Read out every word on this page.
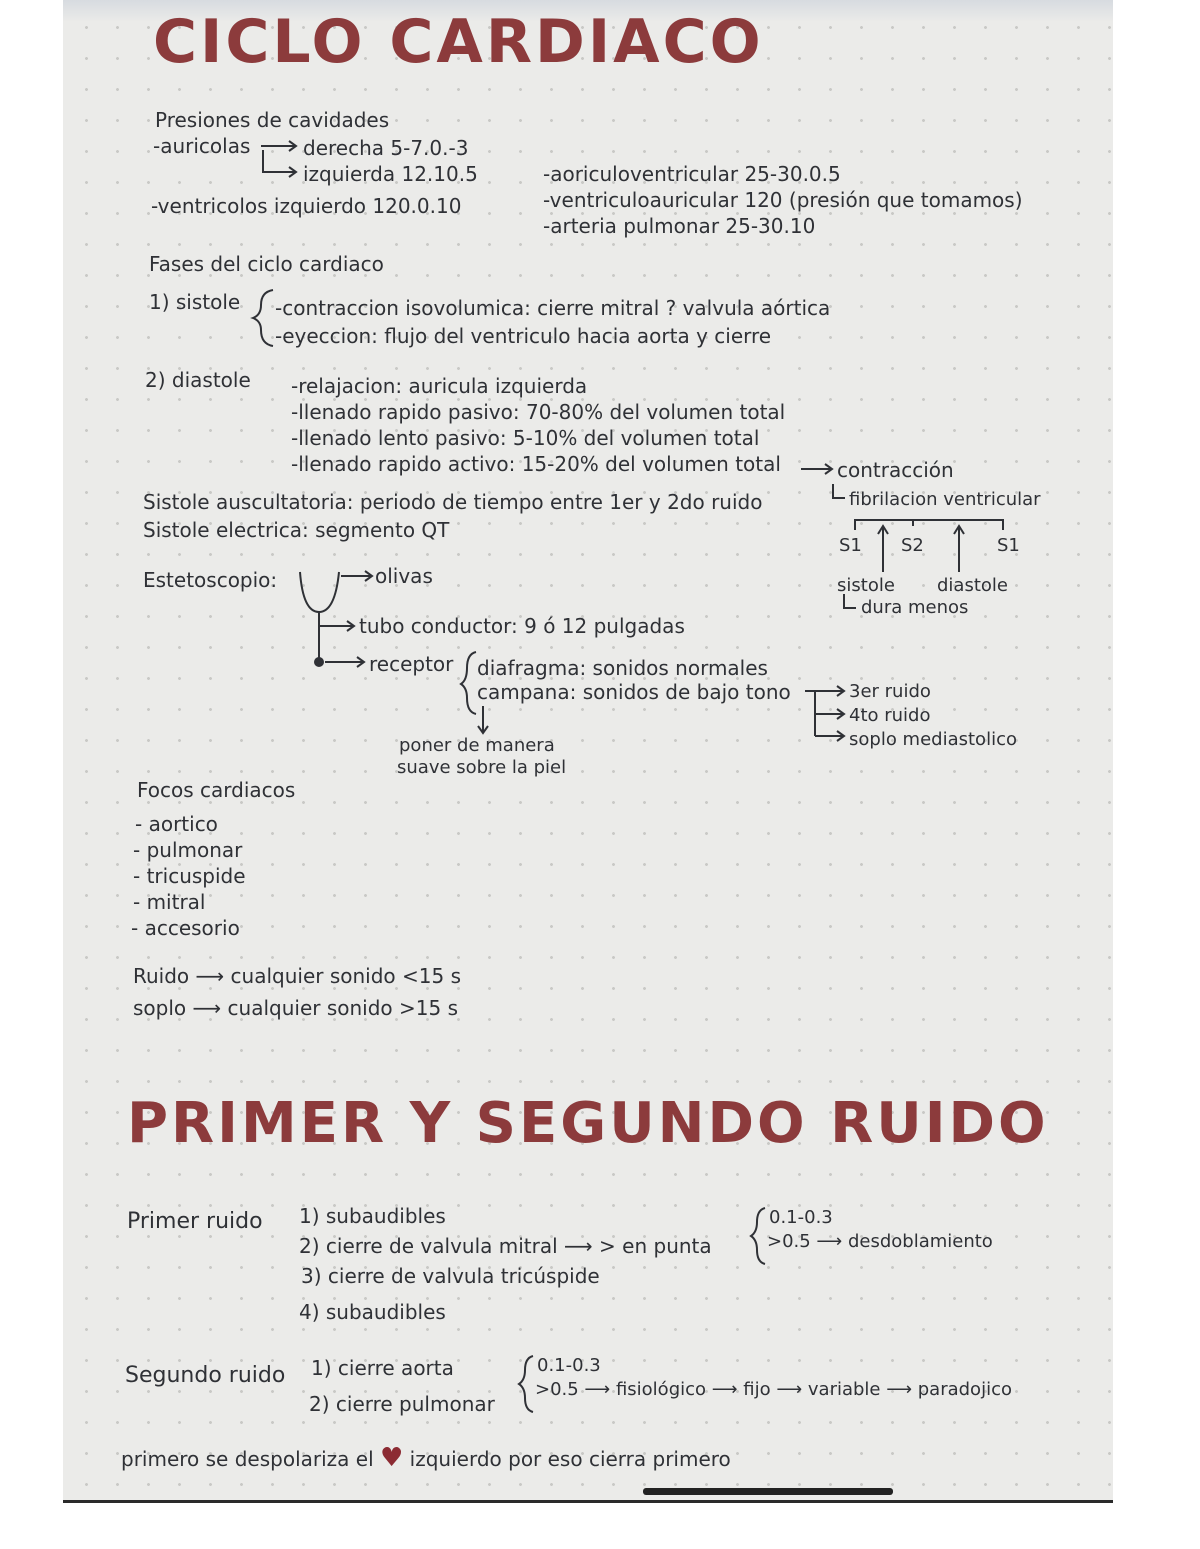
CICLO CARDIACO
Presiones de cavidades
-auricolas	derecha 5-7.0.-3
izquierda 12.10.5
-ventricolos izquierdo 120.0.10
-aoriculoventricular 25-30.0.5
-ventriculoauricular 120 (presión que tomamos)
-arteria pulmonar 25-30.10
Fases del ciclo cardiaco
1) sistole -contraccion isovolumica: cierre mitral ? valvula aórtica
-eyeccion: flujo del ventriculo hacia aorta y cierre
2) diastole -relajacion: auricula izquierda
-llenado rapido pasivo: 70-80% del volumen total
-llenado lento pasivo: 5-10% del volumen total
-llenado rapido activo: 15-20% del volumen total	contracción
fibrilacion ventricular
Sistole auscultatoria: periodo de tiempo entre 1er y 2do ruido
Sistole electrica: segmento QT
S1 S2	S1
sistole diastole
dura menos
Estetoscopio:	olivas
tubo conductor: 9 ó 12 pulgadas
receptor diafragma: sonidos normales
campana: sonidos de bajo tono
poner de manera
suave sobre la piel
3er ruido
4to ruido
soplo mediastolico
Focos cardiacos
- aortico
- pulmonar
- tricuspide
- mitral
- accesorio
Ruido ⟶ cualquier sonido <15 s
soplo ⟶ cualquier sonido >15 s
PRIMER Y SEGUNDO RUIDO
Primer ruido 1) subaudibles
2) cierre de valvula mitral ⟶ > en punta
3) cierre de valvula tricúspide
4) subaudibles
0.1-0.3
>0.5 ⟶ desdoblamiento
Segundo ruido 1) cierre aorta
2) cierre pulmonar
0.1-0.3
>0.5 ⟶ fisiológico ⟶ fijo ⟶ variable ⟶ paradojico
primero se despolariza el ♥ izquierdo por eso cierra primero
